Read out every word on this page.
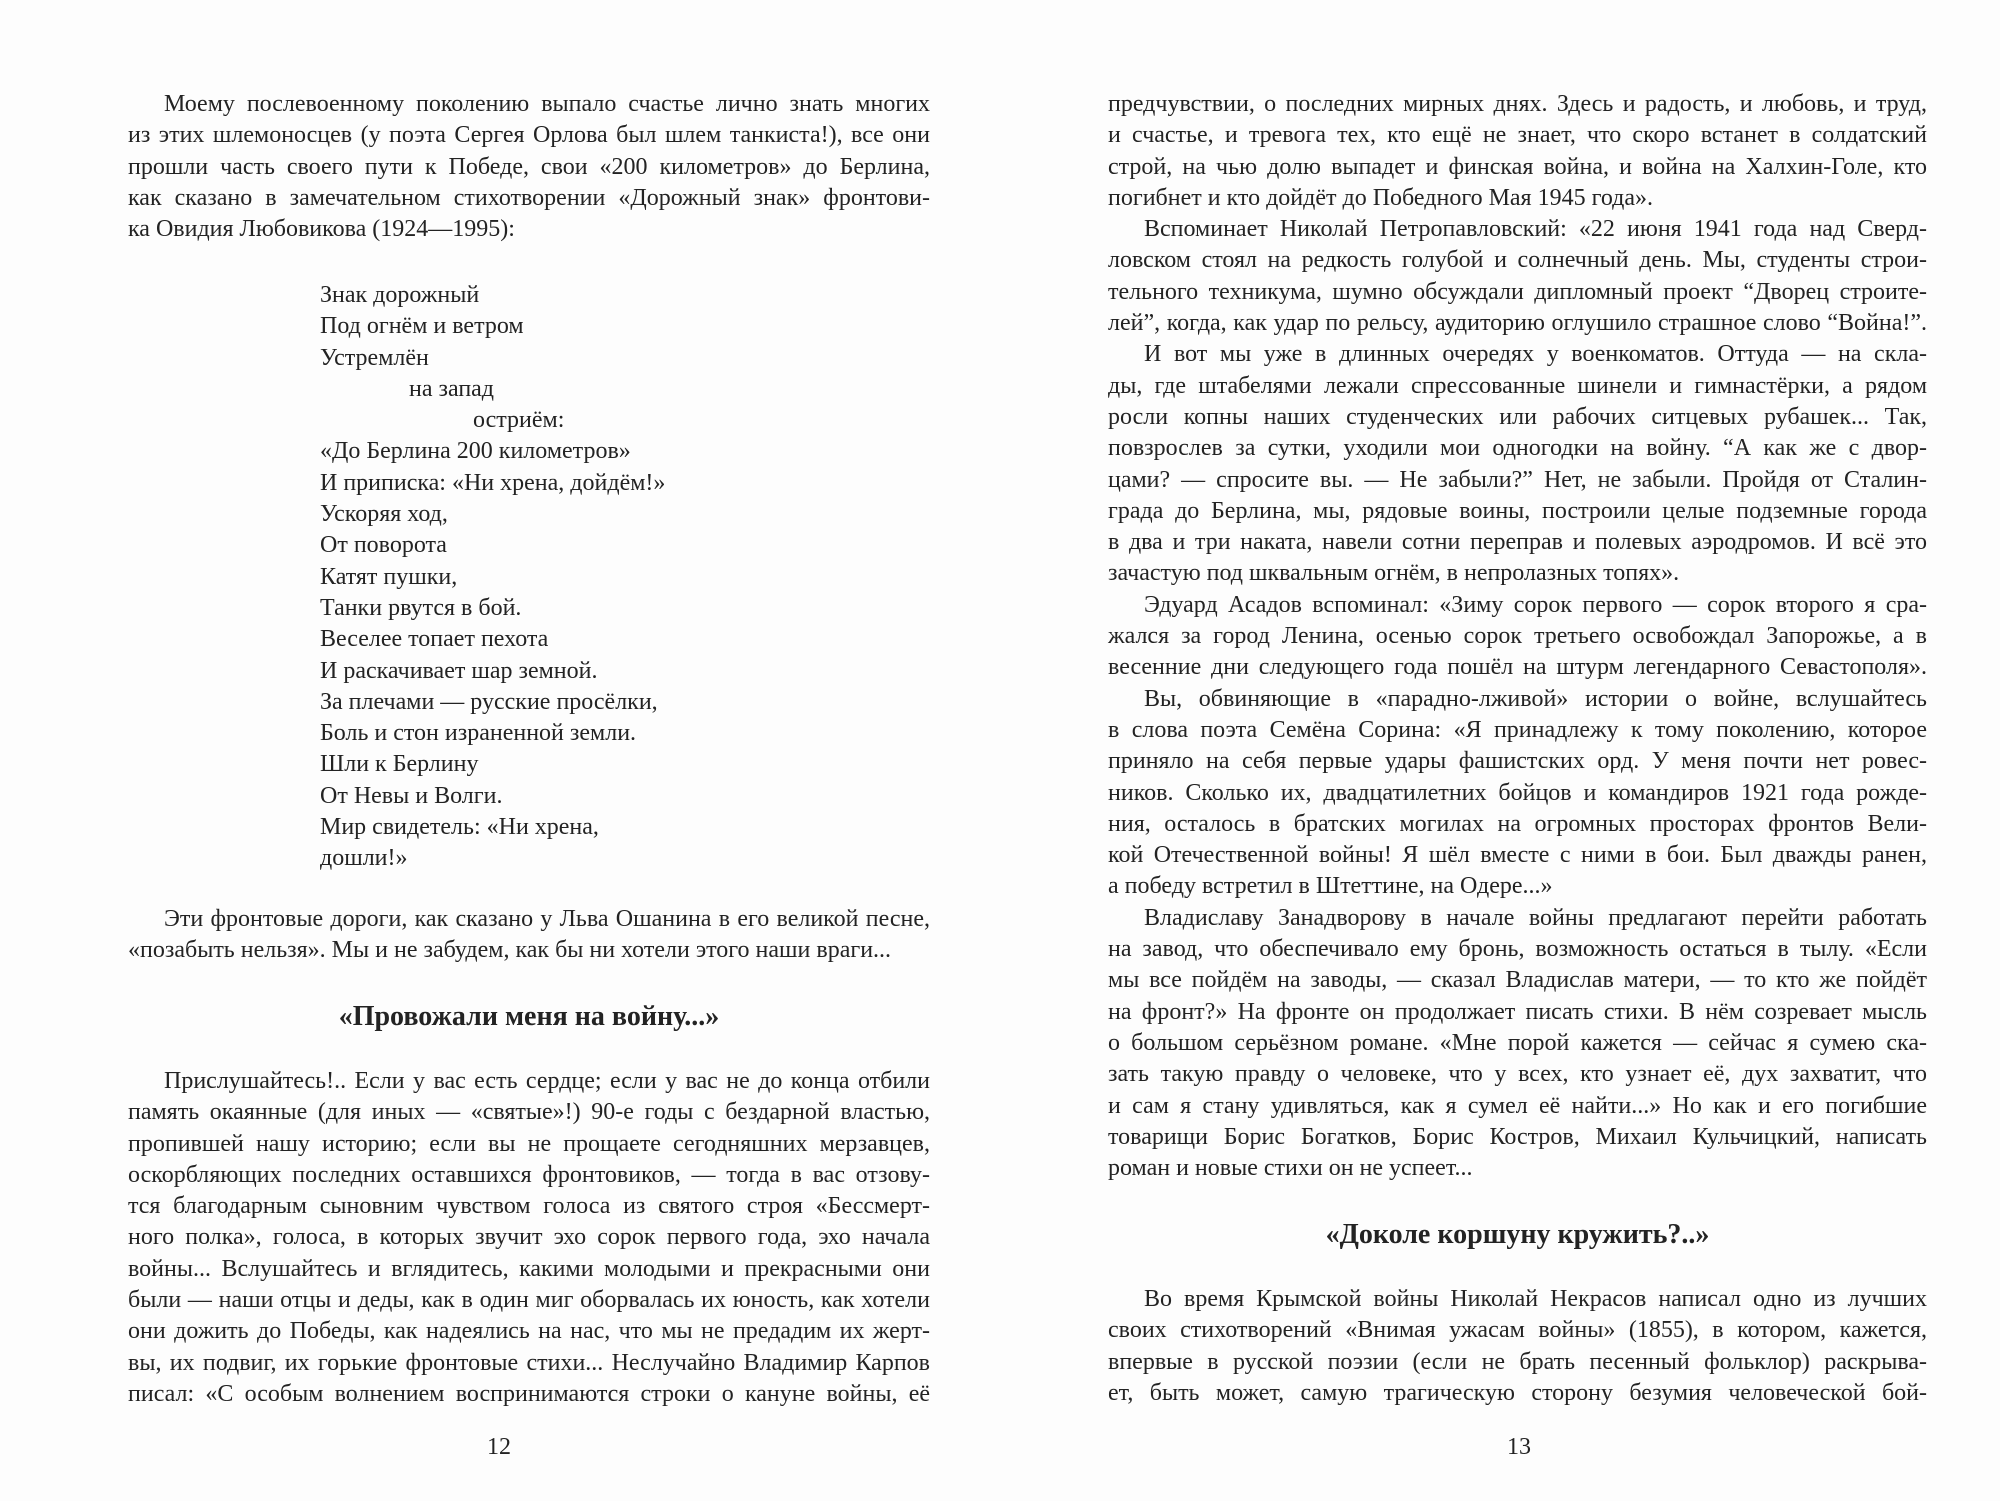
Моему послевоенному поколению выпало счастье лично знать многих
из этих шлемоносцев (у поэта Сергея Орлова был шлем танкиста!), все они
прошли часть своего пути к Победе, свои «200 километров» до Берлина,
как сказано в замечательном стихотворении «Дорожный знак» фронтови-
ка Овидия Любовикова (1924—1995):
Знак дорожный
Под огнём и ветром
Устремлён
на запад
остриём:
«До Берлина 200 километров»
И приписка: «Ни хрена, дойдём!»
Ускоряя ход,
От поворота
Катят пушки,
Танки рвутся в бой.
Веселее топает пехота
И раскачивает шар земной.
За плечами — русские просёлки,
Боль и стон израненной земли.
Шли к Берлину
От Невы и Волги.
Мир свидетель: «Ни хрена,
дошли!»
Эти фронтовые дороги, как сказано у Льва Ошанина в его великой песне,
«позабыть нельзя». Мы и не забудем, как бы ни хотели этого наши враги...
«Провожали меня на войну...»
Прислушайтесь!.. Если у вас есть сердце; если у вас не до конца отбили
память окаянные (для иных — «святые»!) 90-е годы с бездарной властью,
пропившей нашу историю; если вы не прощаете сегодняшних мерзавцев,
оскорбляющих последних оставшихся фронтовиков, — тогда в вас отзову-
тся благодарным сыновним чувством голоса из святого строя «Бессмерт-
ного полка», голоса, в которых звучит эхо сорок первого года, эхо начала
войны... Вслушайтесь и вглядитесь, какими молодыми и прекрасными они
были — наши отцы и деды, как в один миг оборвалась их юность, как хотели
они дожить до Победы, как надеялись на нас, что мы не предадим их жерт-
вы, их подвиг, их горькие фронтовые стихи... Неслучайно Владимир Карпов
писал: «С особым волнением воспринимаются строки о кануне войны, её
12
предчувствии, о последних мирных днях. Здесь и радость, и любовь, и труд,
и счастье, и тревога тех, кто ещё не знает, что скоро встанет в солдатский
строй, на чью долю выпадет и финская война, и война на Халхин-Голе, кто
погибнет и кто дойдёт до Победного Мая 1945 года».
Вспоминает Николай Петропавловский: «22 июня 1941 года над Сверд-
ловском стоял на редкость голубой и солнечный день. Мы, студенты строи-
тельного техникума, шумно обсуждали дипломный проект “Дворец строите-
лей”, когда, как удар по рельсу, аудиторию оглушило страшное слово “Война!”.
И вот мы уже в длинных очередях у военкоматов. Оттуда — на скла-
ды, где штабелями лежали спрессованные шинели и гимнастёрки, а рядом
росли копны наших студенческих или рабочих ситцевых рубашек... Так,
повзрослев за сутки, уходили мои одногодки на войну. “А как же с двор-
цами? — спросите вы. — Не забыли?” Нет, не забыли. Пройдя от Сталин-
града до Берлина, мы, рядовые воины, построили целые подземные города
в два и три наката, навели сотни переправ и полевых аэродромов. И всё это
зачастую под шквальным огнём, в непролазных топях».
Эдуард Асадов вспоминал: «Зиму сорок первого — сорок второго я сра-
жался за город Ленина, осенью сорок третьего освобождал Запорожье, а в
весенние дни следующего года пошёл на штурм легендарного Севастополя».
Вы, обвиняющие в «парадно-лживой» истории о войне, вслушайтесь
в слова поэта Семёна Сорина: «Я принадлежу к тому поколению, которое
приняло на себя первые удары фашистских орд. У меня почти нет ровес-
ников. Сколько их, двадцатилетних бойцов и командиров 1921 года рожде-
ния, осталось в братских могилах на огромных просторах фронтов Вели-
кой Отечественной войны! Я шёл вместе с ними в бои. Был дважды ранен,
а победу встретил в Штеттине, на Одере...»
Владиславу Занадворову в начале войны предлагают перейти работать
на завод, что обеспечивало ему бронь, возможность остаться в тылу. «Если
мы все пойдём на заводы, — сказал Владислав матери, — то кто же пойдёт
на фронт?» На фронте он продолжает писать стихи. В нём созревает мысль
о большом серьёзном романе. «Мне порой кажется — сейчас я сумею ска-
зать такую правду о человеке, что у всех, кто узнает её, дух захватит, что
и сам я стану удивляться, как я сумел её найти...» Но как и его погибшие
товарищи Борис Богатков, Борис Костров, Михаил Кульчицкий, написать
роман и новые стихи он не успеет...
«Доколе коршуну кружить?..»
Во время Крымской войны Николай Некрасов написал одно из лучших
своих стихотворений «Внимая ужасам войны» (1855), в котором, кажется,
впервые в русской поэзии (если не брать песенный фольклор) раскрыва-
ет, быть может, самую трагическую сторону безумия человеческой бой-
13
